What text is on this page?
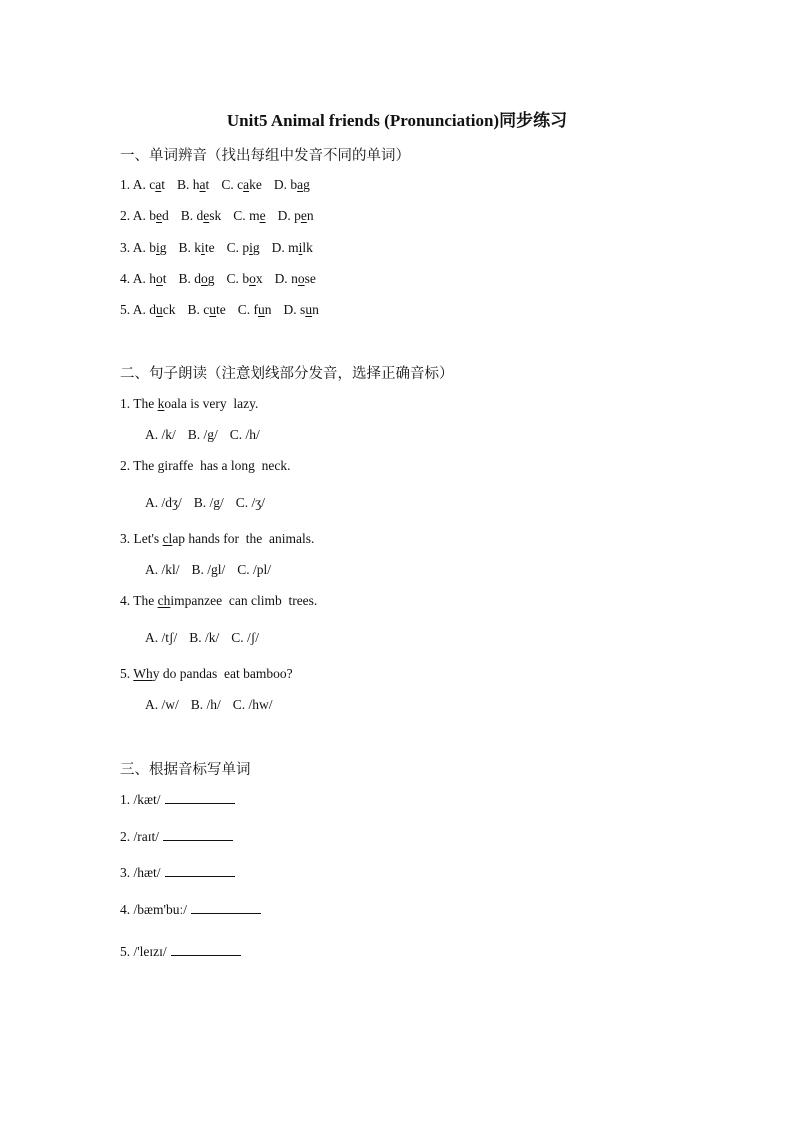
Unit5 Animal friends (Pronunciation)同步练习
一、单词辨音（找出每组中发音不同的单词）
1. A. cat B. hat C. cake D. bag
2. A. bed B. desk C. me D. pen
3. A. big B. kite C. pig D. milk
4. A. hot B. dog C. box D. nose
5. A. duck B. cute C. fun D. sun
二、句子朗读（注意划线部分发音，选择正确音标）
1. The koala is very  lazy.
A. /k/ B. /g/ C. /h/
2. The giraffe  has a long  neck.
A. /dʒ/ B. /g/ C. /ʒ/
3. Let's clap hands for  the  animals.
A. /kl/ B. /gl/ C. /pl/
4. The chimpanzee  can climb  trees.
A. /tʃ/ B. /k/ C. /ʃ/
5. Why do pandas  eat bamboo?
A. /w/ B. /h/ C. /hw/
三、根据音标写单词
1. /kæt/
2. /raɪt/
3. /hæt/
4. /bæm'buː/
5. /'leɪzɪ/
